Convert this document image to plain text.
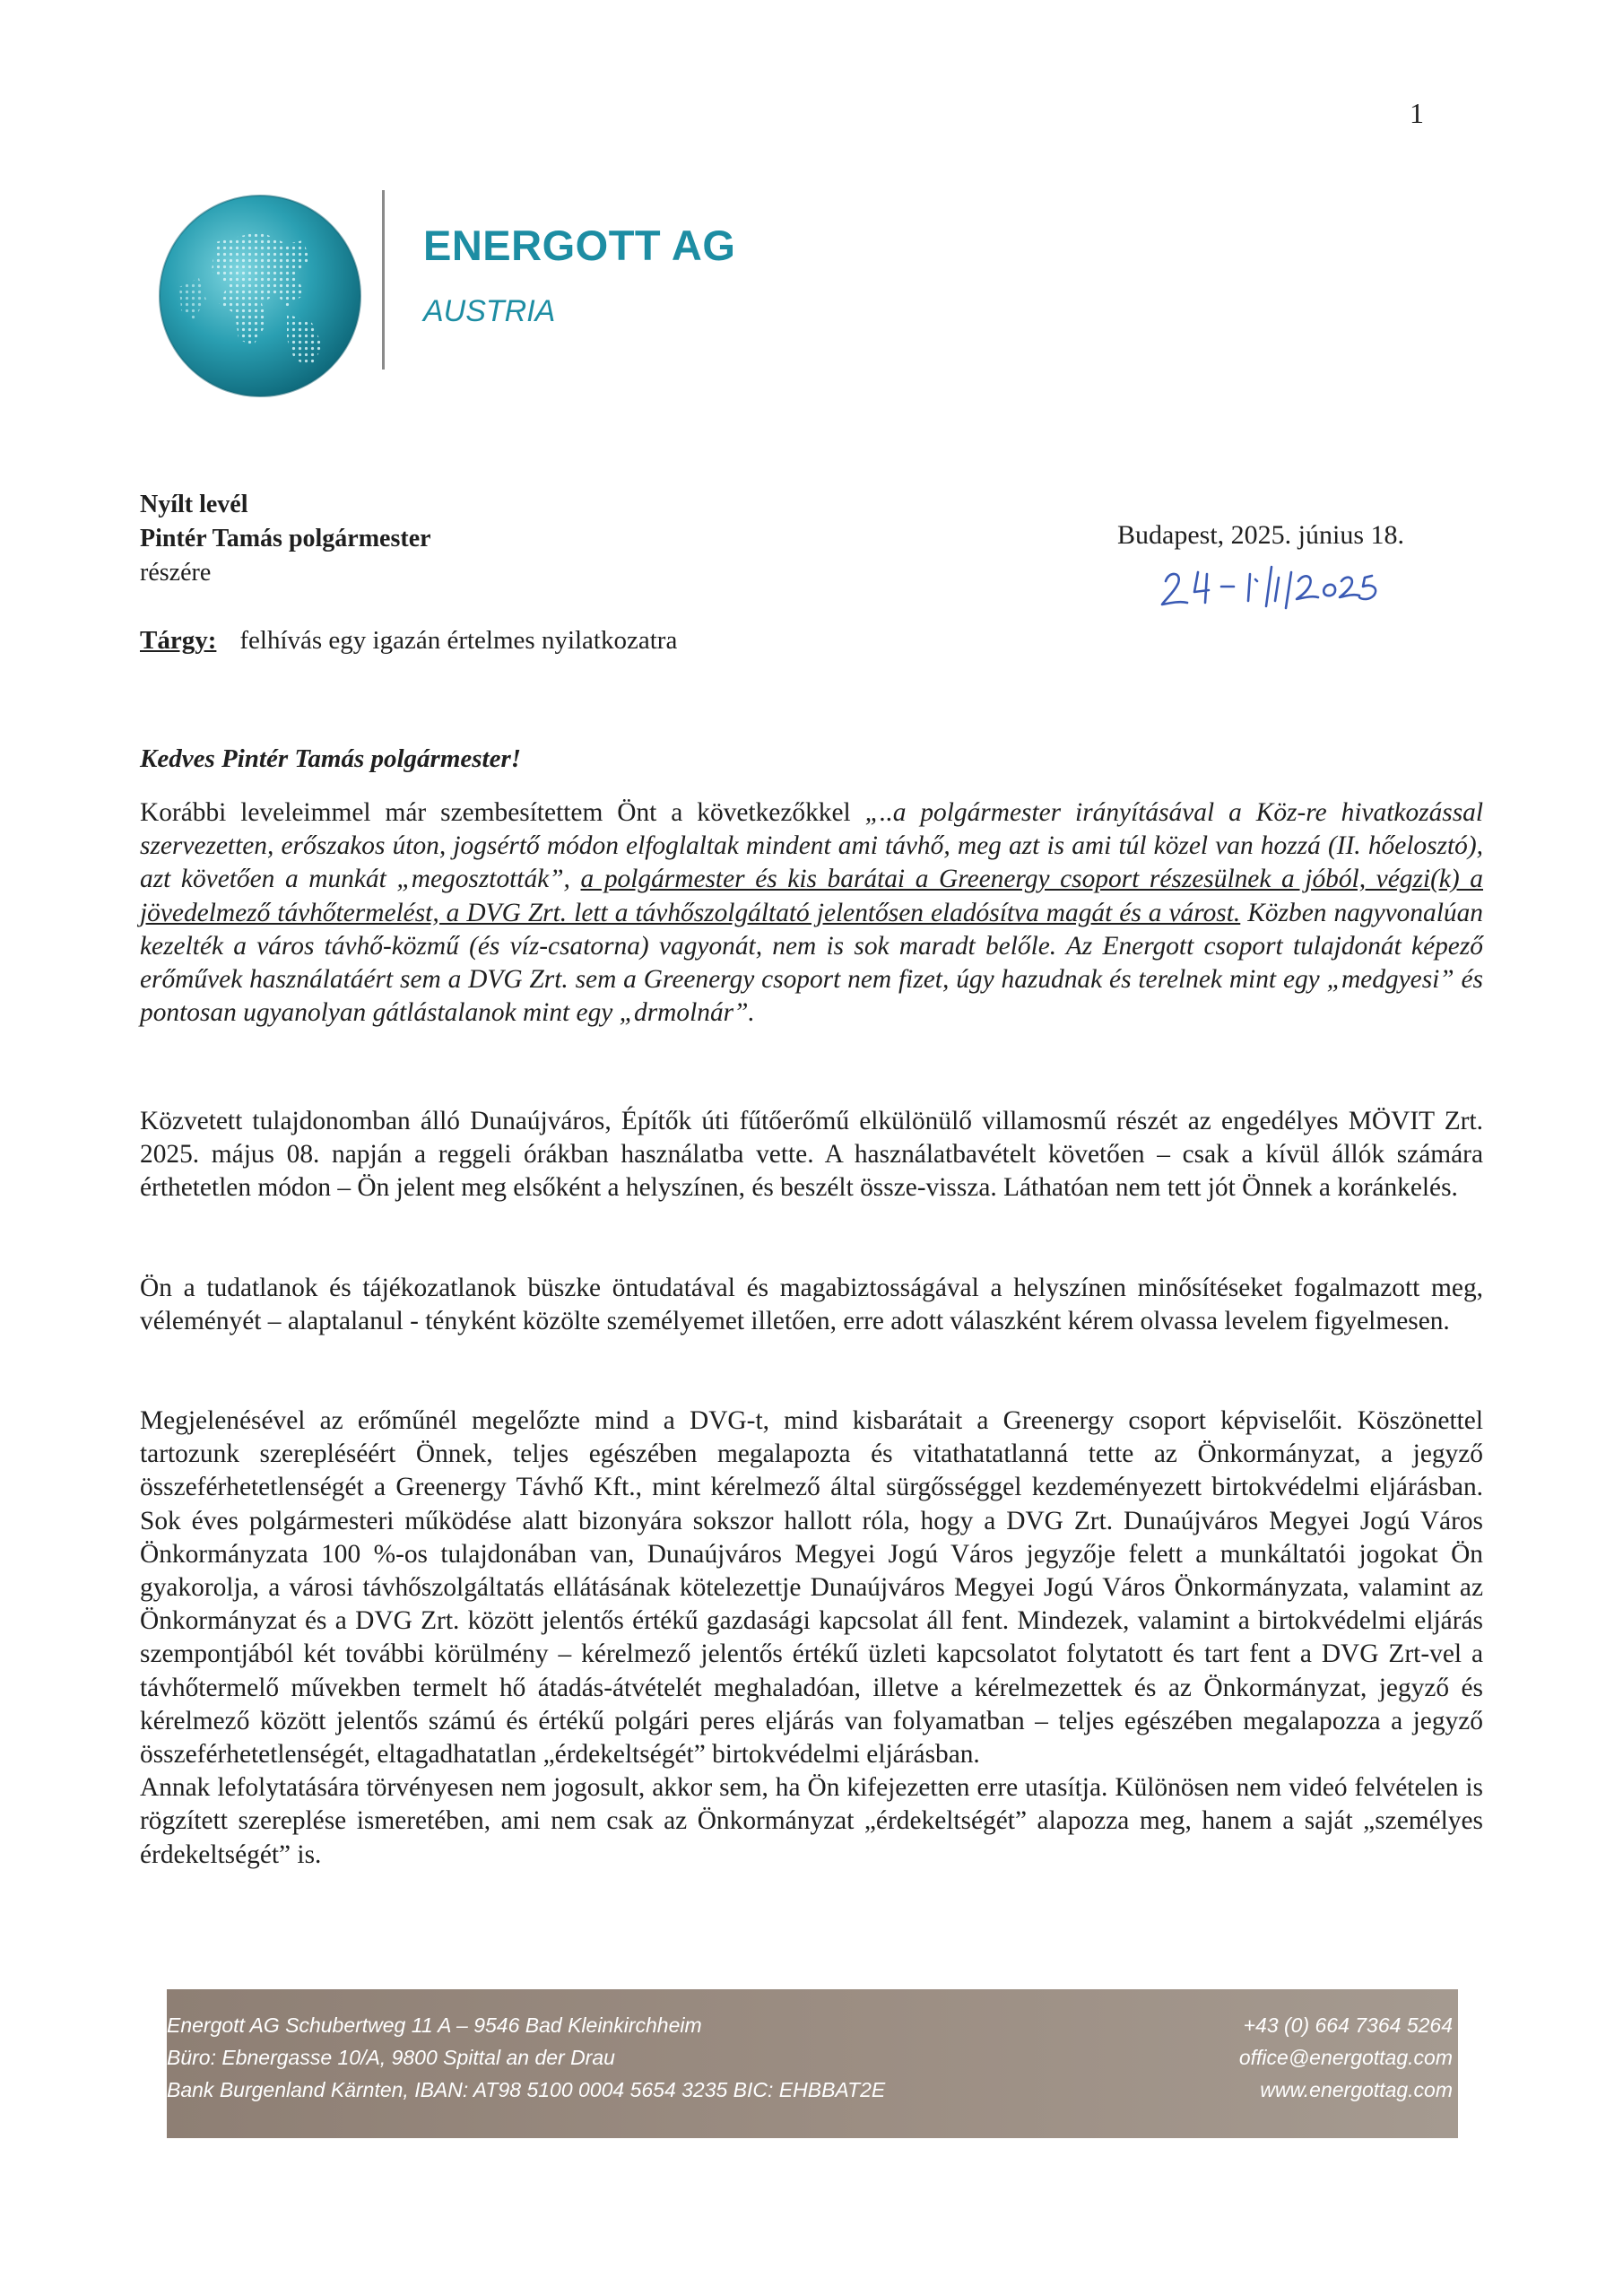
1
ENERGOTT AG
AUSTRIA
Nyílt levél
Pintér Tamás polgármester
részére
Budapest, 2025. június 18.
Tárgy: felhívás egy igazán értelmes nyilatkozatra
Kedves Pintér Tamás polgármester!

Korábbi leveleimmel már szembesítettem Önt a következőkkel „..a polgármester irányításával a Köz-re hivatkozással szervezetten, erőszakos úton, jogsértő módon elfoglaltak mindent ami távhő, meg azt is ami túl közel van hozzá (II. hőelosztó), azt követően a munkát „megosztották”, a polgármester és kis barátai a Greenergy csoport részesülnek a jóból, végzi(k) a jövedelmező távhőtermelést, a DVG Zrt. lett a távhőszolgáltató jelentősen eladósítva magát és a várost. Közben nagyvonalúan kezelték a város távhő-közmű (és víz-csatorna) vagyonát, nem is sok maradt belőle. Az Energott csoport tulajdonát képező erőművek használatáért sem a DVG Zrt. sem a Greenergy csoport nem fizet, úgy hazudnak és terelnek mint egy „medgyesi” és pontosan ugyanolyan gátlástalanok mint egy „drmolnár”.

Közvetett tulajdonomban álló Dunaújváros, Építők úti fűtőerőmű elkülönülő villamosmű részét az engedélyes MÖVIT Zrt. 2025. május 08. napján a reggeli órákban használatba vette. A használatbavételt követően – csak a kívül állók számára érthetetlen módon – Ön jelent meg elsőként a helyszínen, és beszélt össze-vissza. Láthatóan nem tett jót Önnek a koránkelés.

Ön a tudatlanok és tájékozatlanok büszke öntudatával és magabiztosságával a helyszínen minősítéseket fogalmazott meg, véleményét – alaptalanul - tényként közölte személyemet illetően, erre adott válaszként kérem olvassa levelem figyelmesen.

Megjelenésével az erőműnél megelőzte mind a DVG-t, mind kisbarátait a Greenergy csoport képviselőit. Köszönettel tartozunk szerepléséért Önnek, teljes egészében megalapozta és vitathatatlanná tette az Önkormányzat, a jegyző összeférhetetlenségét a Greenergy Távhő Kft., mint kérelmező által sürgősséggel kezdeményezett birtokvédelmi eljárásban. Sok éves polgármesteri működése alatt bizonyára sokszor hallott róla, hogy a DVG Zrt. Dunaújváros Megyei Jogú Város Önkormányzata 100 %-os tulajdonában van, Dunaújváros Megyei Jogú Város jegyzője felett a munkáltatói jogokat Ön gyakorolja, a városi távhőszolgáltatás ellátásának kötelezettje Dunaújváros Megyei Jogú Város Önkormányzata, valamint az Önkormányzat és a DVG Zrt. között jelentős értékű gazdasági kapcsolat áll fent. Mindezek, valamint a birtokvédelmi eljárás szempontjából két további körülmény – kérelmező jelentős értékű üzleti kapcsolatot folytatott és tart fent a DVG Zrt-vel a távhőtermelő művekben termelt hő átadás-átvételét meghaladóan, illetve a kérelmezettek és az Önkormányzat, jegyző és kérelmező között jelentős számú és értékű polgári peres eljárás van folyamatban – teljes egészében megalapozza a jegyző összeférhetetlenségét, eltagadhatatlan „érdekeltségét” birtokvédelmi eljárásban.

Annak lefolytatására törvényesen nem jogosult, akkor sem, ha Ön kifejezetten erre utasítja. Különösen nem videó felvételen is rögzített szereplése ismeretében, ami nem csak az Önkormányzat „érdekeltségét” alapozza meg, hanem a saját „személyes érdekeltségét” is.

Energott AG Schubertweg 11 A – 9546 Bad Kleinkirchheim
Büro: Ebnergasse 10/A, 9800 Spittal an der Drau
Bank Burgenland Kärnten, IBAN: AT98 5100 0004 5654 3235 BIC: EHBBAT2E
+43 (0) 664 7364 5264
office@energottag.com
www.energottag.com
